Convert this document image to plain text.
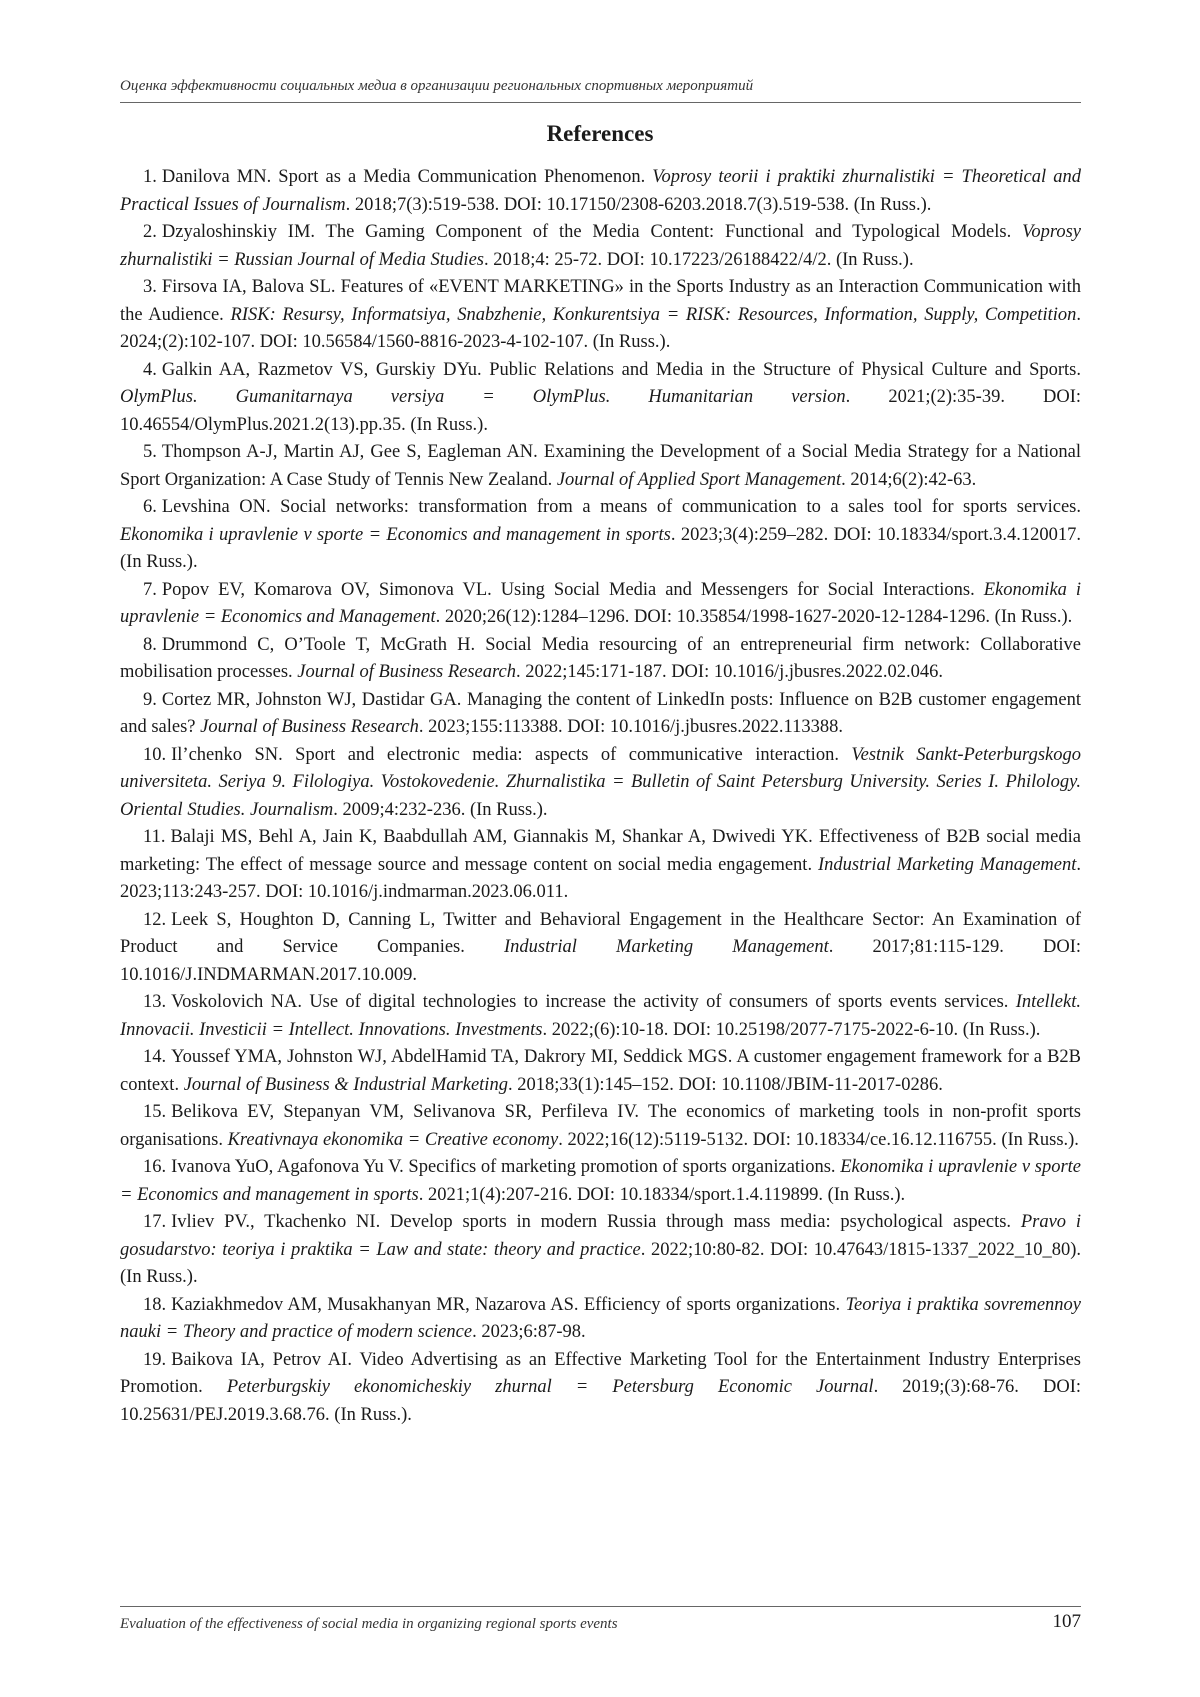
Оценка эффективности социальных медиа в организации региональных спортивных мероприятий
References

1. Danilova MN. Sport as a Media Communication Phenomenon. Voprosy teorii i praktiki zhurnalistiki = Theoretical and Practical Issues of Journalism. 2018;7(3):519-538. DOI: 10.17150/2308-6203.2018.7(3).519-538. (In Russ.).

2. Dzyaloshinskiy IM. The Gaming Component of the Media Content: Functional and Typological Models. Voprosy zhurnalistiki = Russian Journal of Media Studies. 2018;4: 25-72. DOI: 10.17223/26188422/4/2. (In Russ.).

3. Firsova IA, Balova SL. Features of «EVENT MARKETING» in the Sports Industry as an Interaction Communication with the Audience. RISK: Resursy, Informatsiya, Snabzhenie, Konkurentsiya = RISK: Resources, Information, Supply, Competition. 2024;(2):102-107. DOI: 10.56584/1560-8816-2023-4-102-107. (In Russ.).

4. Galkin AA, Razmetov VS, Gurskiy DYu. Public Relations and Media in the Structure of Physical Culture and Sports. OlymPlus. Gumanitarnaya versiya = OlymPlus. Humanitarian version. 2021;(2):35-39. DOI: 10.46554/OlymPlus.2021.2(13).pp.35. (In Russ.).

5. Thompson A-J, Martin AJ, Gee S, Eagleman AN. Examining the Development of a Social Media Strategy for a National Sport Organization: A Case Study of Tennis New Zealand. Journal of Applied Sport Management. 2014;6(2):42-63.

6. Levshina ON. Social networks: transformation from a means of communication to a sales tool for sports services. Ekonomika i upravlenie v sporte = Economics and management in sports. 2023;3(4):259–282. DOI: 10.18334/sport.3.4.120017. (In Russ.).

7. Popov EV, Komarova OV, Simonova VL. Using Social Media and Messengers for Social Interactions. Ekonomika i upravlenie = Economics and Management. 2020;26(12):1284–1296. DOI: 10.35854/1998-1627-2020-12-1284-1296. (In Russ.).

8. Drummond C, O’Toole T, McGrath H. Social Media resourcing of an entrepreneurial firm network: Collaborative mobilisation processes. Journal of Business Research. 2022;145:171-187. DOI: 10.1016/j.jbusres.2022.02.046.

9. Cortez MR, Johnston WJ, Dastidar GA. Managing the content of LinkedIn posts: Influence on B2B customer engagement and sales? Journal of Business Research. 2023;155:113388. DOI: 10.1016/j.jbusres.2022.113388.

10. Il’chenko SN. Sport and electronic media: aspects of communicative interaction. Vestnik Sankt-Peterburgskogo universiteta. Seriya 9. Filologiya. Vostokovedenie. Zhurnalistika = Bulletin of Saint Petersburg University. Series I. Philology. Oriental Studies. Journalism. 2009;4:232-236. (In Russ.).

11. Balaji MS, Behl A, Jain K, Baabdullah AM, Giannakis M, Shankar A, Dwivedi YK. Effectiveness of B2B social media marketing: The effect of message source and message content on social media engagement. Industrial Marketing Management. 2023;113:243-257. DOI: 10.1016/j.indmarman.2023.06.011.

12. Leek S, Houghton D, Canning L, Twitter and Behavioral Engagement in the Healthcare Sector: An Examination of Product and Service Companies. Industrial Marketing Management. 2017;81:115-129. DOI: 10.1016/J.INDMARMAN.2017.10.009.

13. Voskolovich NA. Use of digital technologies to increase the activity of consumers of sports events services. Intellekt. Innovacii. Investicii = Intellect. Innovations. Investments. 2022;(6):10-18. DOI: 10.25198/2077-7175-2022-6-10. (In Russ.).

14. Youssef YMA, Johnston WJ, AbdelHamid TA, Dakrory MI, Seddick MGS. A customer engagement framework for a B2B context. Journal of Business & Industrial Marketing. 2018;33(1):145–152. DOI: 10.1108/JBIM-11-2017-0286.

15. Belikova EV, Stepanyan VM, Selivanova SR, Perfileva IV. The economics of marketing tools in non-profit sports organisations. Kreativnaya ekonomika = Creative economy. 2022;16(12):5119-5132. DOI: 10.18334/ce.16.12.116755. (In Russ.).

16. Ivanova YuO, Agafonova Yu V. Specifics of marketing promotion of sports organizations. Ekonomika i upravlenie v sporte = Economics and management in sports. 2021;1(4):207-216. DOI: 10.18334/sport.1.4.119899. (In Russ.).

17. Ivliev PV., Tkachenko NI. Develop sports in modern Russia through mass media: psychological aspects. Pravo i gosudarstvo: teoriya i praktika = Law and state: theory and practice. 2022;10:80-82. DOI: 10.47643/1815-1337_2022_10_80). (In Russ.).

18. Kaziakhmedov AM, Musakhanyan MR, Nazarova AS. Efficiency of sports organizations. Teoriya i praktika sovremennoy nauki = Theory and practice of modern science. 2023;6:87-98.

19. Baikova IA, Petrov AI. Video Advertising as an Effective Marketing Tool for the Entertainment Industry Enterprises Promotion. Peterburgskiy ekonomicheskiy zhurnal = Petersburg Economic Journal. 2019;(3):68-76. DOI: 10.25631/PEJ.2019.3.68.76. (In Russ.).

Evaluation of the effectiveness of social media in organizing regional sports events	107
